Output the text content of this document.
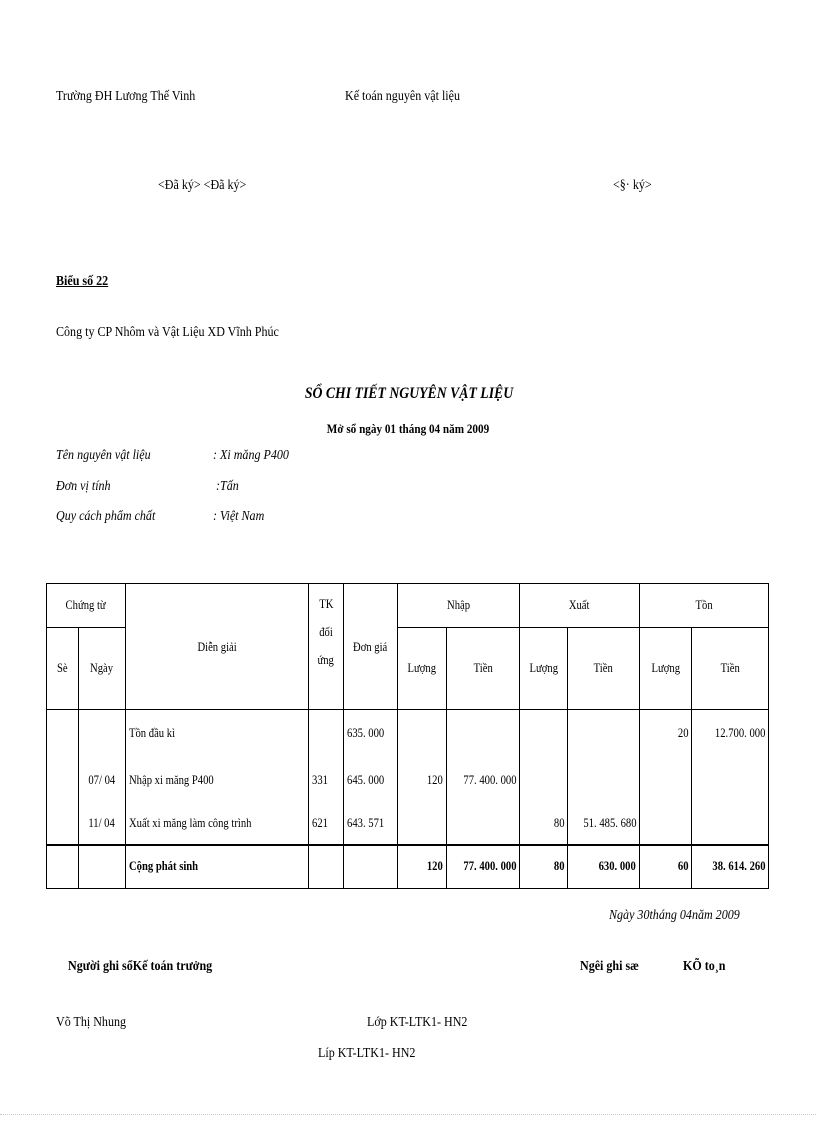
Trường ĐH Lương Thế Vinh	Kế toán nguyên vật liệu
<Đã ký> <Đã ký>	<§· ký>
Biểu số 22
Công ty CP Nhôm và Vật Liệu XD Vĩnh Phúc
SỔ CHI TIẾT NGUYÊN VẬT LIỆU
Mở sổ ngày 01 tháng 04 năm 2009
Tên nguyên vật liệu	: Xi măng P400
Đơn vị tính	:Tấn
Quy cách phẩm chất	: Việt Nam
Chứng từ		Diễn giải	TK
đối
ứng	Đơn giá	Nhập		Xuất		Tồn	
Sè	Ngày				Lượng	Tiền	Lượng	Tiền	Lượng	Tiền
		Tồn đầu kì		635. 000					20	12.700. 000
	07/ 04	Nhập xi măng P400	331	645. 000	120	77. 400. 000				
	11/ 04	Xuất xi măng làm công trình	621	643. 571			80	51. 485. 680		
		Cộng phát sinh			120	77. 400. 000	80	630. 000	60	38. 614. 260
Ngày 30tháng 04năm 2009
Người ghi sổKế toán trưởng	Ngêi ghi sæ	KÕ to¸n
Võ Thị Nhung	Lớp KT-LTK1- HN2
Líp KT-LTK1- HN2
